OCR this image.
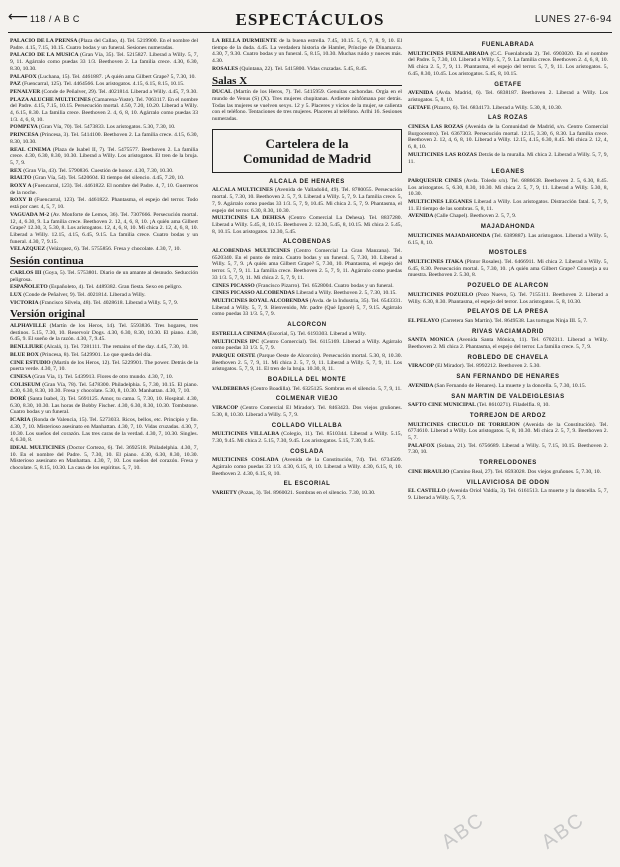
⟵ 118 / A B C	ESPECTÁCULOS	LUNES 27-6-94
PALACIO DE LA PRENSA (Plaza del Callao, 4). Tel. 5219900. En el nombre del Padre. 4.15, 7.15, 10.15. Cuatro bodas y un funeral. Sesiones numeradas.
PALACIO DE LA MUSICA (Gran Vía, 35). Tel. 5215827. Liberad a Willy. 5, 7, 9, 11. Agárralo como puedas 33 1/3. Beethoven 2. La familia crece. 4.30, 6.30, 8.30, 10.30.
PALAFOX (Luchana, 15). Tel. 4461887. ¡A quién ama Gilbert Grape? 5, 7.30, 10.
PAZ (Fuencarral, 125). Tel. 4464566. Los aristogatos. 4.15, 6.15, 8.15, 10.15.
PENALVER (Conde de Peñalver, 29). Tel. 4021814. Liberad a Willy. 4.45, 7, 9.30.
PLAZA ALUCHE MULTICINES (Camarena-Yuste). Tel. 7063117. En el nombre del Padre. 4.15, 7.15, 10.15. Persecución mortal. 4.50, 7.20, 10.20. Liberad a Willy. 4, 6.15, 8.30. La familia crece. Beethoven 2. 4, 6, 8, 10. Agárralo como puedas 33 1/3. 4, 6, 8, 10.
POMPEYA (Gran Vía, 70). Tel. 5473833. Los aristogatos. 5.30, 7.30, 10.
PRINCESA (Princesa, 3). Tel. 5414100. Beethoven 2. La familia crece. 4.15, 6.30, 8.30, 10.30.
REAL CINEMA (Plaza de Isabel II, 7). Tel. 5475577. Beethoven 2. La familia crece. 4.30, 6.30, 8.30, 10.30. Liberad a Willy. Los aristogatos. El tren de la bruja. 5, 7, 9.
REX (Gran Vía, 43). Tel. 5790836. Cuestión de honor. 4.30, 7.30, 10.30.
RIALTO (Gran Vía, 54). Tel. 5420604. El tiempo del silencio. 4.45, 7.20, 10.
ROXY A (Fuencarral, 123). Tel. 4461822. El nombre del Padre. 4, 7, 10. Guerreros de la noche.
ROXY B (Fuencarral, 123). Tel. 4461822. Phantasma, el espejo del terror. Todo está por caer. 4, 5, 7, 10.
VAGUADA M-2 (Av. Monforte de Lemos, 36). Tel. 7307666. Persecución mortal. 12, 4, 6.30, 9. La familia crece. Beethoven 2. 12, 4, 6, 8, 10. ¡A quién ama Gilbert Grape? 12.30, 3, 5.30, 8. Los aristogatos. 12, 4, 6, 8, 10. Mi chica 2. 12, 4, 6, 8, 10. Liberad a Willy. 12.15, 4.15, 6.45, 9.15. La familia crece. Cuatro bodas y un funeral. 4.30, 7, 9.15.
VELAZQUEZ (Velázquez, 6). Tel. 5755856. Fresa y chocolate. 4.30, 7, 10.
Sesión continua
CARLOS III (Goya, 5). Tel. 5753801. Diario de un amante al desnudo. Seducción peligrosa.
ESPAÑOLETO (Españoleto, 4). Tel. 4489382. Gran fiesta. Sexo en peligro.
LUX (Conde de Peñalver, 9). Tel. 4021814. Liberad a Willy.
VICTORIA (Francisco Silvela, 48). Tel. 4028618. Liberad a Willy. 5, 7, 9.
Versión original
ALPHAVILLE (Martín de los Heros, 14). Tel. 5593836. Tres hogares, tres destinos. 5.15, 7.30, 10. Reservoir Dogs. 4.30, 6.30, 8.30, 10.30. El piano. 4.30, 6.45, 9. El sueño de la razón. 4.30, 7, 9.45.
BENLLIURE (Alcalá, 1). Tel. 7281111. The remains of the day. 4.45, 7.30, 10.
BLUE BOX (Princesa, 8). Tel. 5429901. Lo que queda del día.
CINE ESTUDIO (Martín de los Heros, 12). Tel. 5229901. The power. Detrás de la puerta verde. 4.30, 7, 10.
CINESA (Gran Vía, 1). Tel. 5439913. Flores de otro mundo. 4.30, 7, 10.
COLISEUM (Gran Vía, 78). Tel. 5478300. Philadelphia. 5, 7.30, 10.15. El piano. 4.30, 6.30, 8.30, 10.30. Fresa y chocolate. 5.30, 8, 10.30. Manhattan. 4.30, 7, 10.
DORÉ (Santa Isabel, 3). Tel. 5691125. Amor, tu cama. 5, 7.30, 10. Hospital. 4.30, 6.30, 8.30, 10.30. Las horas de Bobby Fischer. 4.30, 6.30, 8.30, 10.30. Tombstone. Cuatro bodas y un funeral.
ICARIA (Ronda de Valencia, 15). Tel. 5273033. Ricos, bellos, etc. Principio y fin. 4.30, 7, 10. Misterioso asesinato en Manhattan. 4.30, 7, 10. Vidas cruzadas. 4.30, 7, 10.30. Los sueños del corazón. Las tres caras de la verdad. 4.30, 7, 10.30. Singles. 4, 6.30, 8.
IDEAL MULTICINES (Doctor Cortezo, 6). Tel. 3692518. Philadelphia. 4.30, 7, 10. En el nombre del Padre. 5, 7.30, 10. El piano. 4.30, 6.30, 8.30, 10.30. Misterioso asesinato en Manhattan. 4.30, 7, 10. Los sueños del corazón. Fresa y chocolate. 5, 8.15, 10.30. La casa de los espíritus. 5, 7, 10.
LA BELLA DURMIENTE de la buena estrella. 7.45, 10.15. 5, 6, 7, 8, 9, 10. El tiempo de la duda. 4.45. La verdadera historia de Hamlet, Príncipe de Dinamarca. 4.30, 7, 9.30. Cuatro bodas y un funeral. 5, 8.15, 10.30. Muchas ruido y nueces más. 4.30.
ROSALES (Quintana, 22). Tel. 5415800. Vidas cruzadas. 5.45, 8.45.
Salas X
DUCAL (Martín de los Heros, 7). Tel. 5415959. Genuitas cachondas. Orgía en el mundo de Venus (S) (X). Tres mujeres chupitanas. Ardiente ninfómana por detrás. Todas las mujeres se vuelven sexys. 12 y 5. Placeres y vicios de la mujer, se calienta con el teléfono. Tentaciones de tres mujeres. Placeres al teléfono. Arlhi 16. Sesiones numeradas.
Cartelera de la
Comunidad de Madrid
ALCALA DE HENARES
ALCALA MULTICINES (Avenida de Valladolid, 49). Tel. 8780055. Persecución mortal. 5, 7.30, 10. Beethoven 2. 5, 7, 9. Liberad a Willy. 5, 7, 9. La familia crece. 5, 7, 9. Agárralo como puedas 33 1/3. 5, 7, 9, 10.45. Mi chica 2. 5, 7, 9. Phantasma, el espejo del terror. 6.30, 8.30, 10.30.
MULTICINES LA DEHESA (Centro Comercial La Dehesa). Tel. 8837280. Liberad a Willy. 5.45, 8, 10.15. Beethoven 2. 12.30, 5.45, 8, 10.15. Mi chica 2. 5.45, 8, 10.15. Los aristogatos. 12.30, 5.45.
ALCOBENDAS
ALCOBENDAS MULTICINES (Centro Comercial La Gran Manzana). Tel. 6520340. En el punto de mira. Cuatro bodas y un funeral. 5, 7.30, 10. Liberad a Willy. 5, 7, 9. ¡A quién ama Gilbert Grape? 5, 7.30, 10. Phantasma, el espejo del terror. 5, 7, 9, 11. La familia crece. Beethoven 2. 5, 7, 9, 11. Agárralo como puedas 33 1/3. 5, 7, 9, 11. Mi chica 2. 5, 7, 9, 11.
CINES PICASSO (Francisco Pizarro). Tel. 6528004. Cuatro bodas y un funeral.
CINES PICASSO ALCOBENDAS Liberad a Willy. Beethoven 2. 5, 7.30, 10.15.
MULTICINES ROYAL ALCOBENDAS (Avda. de la Industria, 35). Tel. 6543331. Liberad a Willy. 5, 7, 9. Bienvenido, Mr. padre (Qué Ignoré) 5, 7, 9.15. Agárralo como puedas 33 1/3. 5, 7, 9.
ALCORCON
ESTRELLA CINEMA (Escorial, 5). Tel. 6193303. Liberad a Willy.
MULTICINES IPC (Centro Comercial). Tel. 6115169. Liberad a Willy. Agárralo como puedas 33 1/3. 5, 7, 9.
PARQUE OESTE (Parque Oeste de Alcorcón). Persecución mortal. 5.30, 8, 10.30. Beethoven 2. 5, 7, 9, 11. Mi chica 2. 5, 7, 9, 11. Liberad a Willy. 5, 7, 9, 11. Los aristogatos. 5, 7, 9, 11. El tren de la bruja. 10.30, 8, 11.
BOADILLA DEL MONTE
VALDEBEBAS (Centro Boadilla). Tel. 6325125. Sombras en el silencio. 5, 7, 9, 11.
COLMENAR VIEJO
VIRACOP (Centro Comercial El Mirador). Tel. 8463423. Dos viejos gruñones. 5.30, 8, 10.30. Liberad a Willy. 5, 7, 9.
COLLADO VILLALBA
MULTICINES VILLALBA (Colegio, 11). Tel. 8510344. Liberad a Willy. 5.15, 7.30, 9.45. Mi chica 2. 5.15, 7.30, 9.45. Los aristogatos. 5.15, 7.30, 9.45.
COSLADA
MULTICINES COSLADA (Avenida de la Constitución, 74). Tel. 6734509. Agárralo como puedas 33 1/3. 4.30, 6.15, 8, 10. Liberad a Willy. 4.30, 6.15, 8, 10. Beethoven 2. 4.30, 6.15, 8, 10.
EL ESCORIAL
VARIETY (Pozas, 3). Tel. 8960021. Sombras en el silencio. 7.30, 10.30.
FUENLABRADA
MULTICINES FUENLABRADA (C.C. Fuenlabrada 2). Tel. 6903020. En el nombre del Padre. 5, 7.30, 10. Liberad a Willy. 5, 7, 9. La familia crece. Beethoven 2. 4, 6, 8, 10. Mi chica 2. 5, 7, 9, 11. Phantasma, el espejo del terror. 5, 7, 9, 11. Los aristogatos. 5, 6.45, 8.30, 10.45. Los aristogatos. 5.45, 8, 10.15.
GETAFE
AVENIDA (Avda. Madrid, 6). Tel. 6838187. Beethoven 2. Liberad a Willy. Los aristogatos. 5, 8, 10.
GETAFE (Pizarro, 6). Tel. 6834173. Liberad a Willy. 5.30, 8, 10.30.
LAS ROZAS
CINESA LAS ROZAS (Avenida de la Comunidad de Madrid, s/n. Centro Comercial Burgocentro). Tel. 6367303. Persecución mortal. 12.15, 3.30, 6, 8.30. La familia crece. Beethoven 2. 12, 4, 6, 8, 10. Liberad a Willy. 12.15, 4.15, 6.30, 8.45. Mi chica 2. 12, 4, 6, 8, 10.
MULTICINES LAS ROZAS Detrás de la muralla. Mi chica 2. Liberad a Willy. 5, 7, 9, 11.
LEGANES
PARQUESUR CINES (Avda. Toledo s/n). Tel. 6886638. Beethoven 2. 5, 6.30, 8.45. Los aristogatos. 5, 6.30, 8.30, 10.30. Mi chica 2. 5, 7, 9, 11. Liberad a Willy. 5.30, 8, 10.30.
MULTICINES LEGANES Liberad a Willy. Los aristogatos. Distracción fatal. 5, 7, 9, 11. El tiempo de las sombras. 5, 8, 11.
AVENIDA (Calle Chapel). Beethoven 2. 5, 7, 9.
MAJADAHONDA
MULTICINES MAJADAHONDA (Tel. 6389887). Las aristogatos. Liberad a Willy. 5, 6.15, 8, 10.
MOSTOLES
MULTICINES ITAKA (Pintor Rosales). Tel. 6466911. Mi chica 2. Liberad a Willy. 5, 6.45, 8.30. Persecución mortal. 5, 7.30, 10. ¡A quién ama Gilbert Grape? Conserja a su muestra. Beethoven 2. 5.30, 8.
POZUELO DE ALARCON
MULTICINES POZUELO (Pozo Nuevo, 5). Tel. 7155111. Beethoven 2. Liberad a Willy. 6.30, 8.30. Phantasma, el espejo del terror. Los aristogatos. 5, 8, 10.30.
PELAYOS DE LA PRESA
EL PELAYO (Carretera San Martín). Tel. 8649538. Las tortugas Ninja III. 5, 7.
RIVAS VACIAMADRID
SANTA MONICA (Avenida Santa Mónica, 11). Tel. 6702311. Liberad a Willy. Beethoven 2. Mi chica 2. Phantasma, el espejo del terror. La familia crece. 5, 7, 9.
ROBLEDO DE CHAVELA
VIRACOP (El Mirador). Tel. 8992212. Beethoven 2. 5.30.
SAN FERNANDO DE HENARES
AVENIDA (San Fernando de Henares). La muerte y la doncella. 5, 7.30, 10.15.
SAN MARTIN DE VALDEIGLESIAS
SAFTO CINE MUNICIPAL (Tel. 8610271). Filadelfia. 8, 10.
TORREJON DE ARDOZ
MULTICINES CIRCULO DE TORREJON (Avenida de la Constitución). Tel. 6774610. Liberad a Willy. Los aristogatos. 5, 8, 10.30. Mi chica 2. 5, 7, 9. Beethoven 2. 5, 7.
PALAFOX (Solana, 21). Tel. 6756689. Liberad a Willy. 5, 7.15, 10.15. Beethoven 2. 7.30, 10.
TORRELODONES
CINE BRAULIO (Camino Real, 27). Tel. 8593028. Dos viejos gruñones. 5, 7.30, 10.
VILLAVICIOSA DE ODON
EL CASTILLO (Avenida Oriol Valdía, 3). Tel. 6161513. La muerte y la doncella. 5, 7, 9. Liberad a Willy. 5, 7, 9.
ABC ABC
